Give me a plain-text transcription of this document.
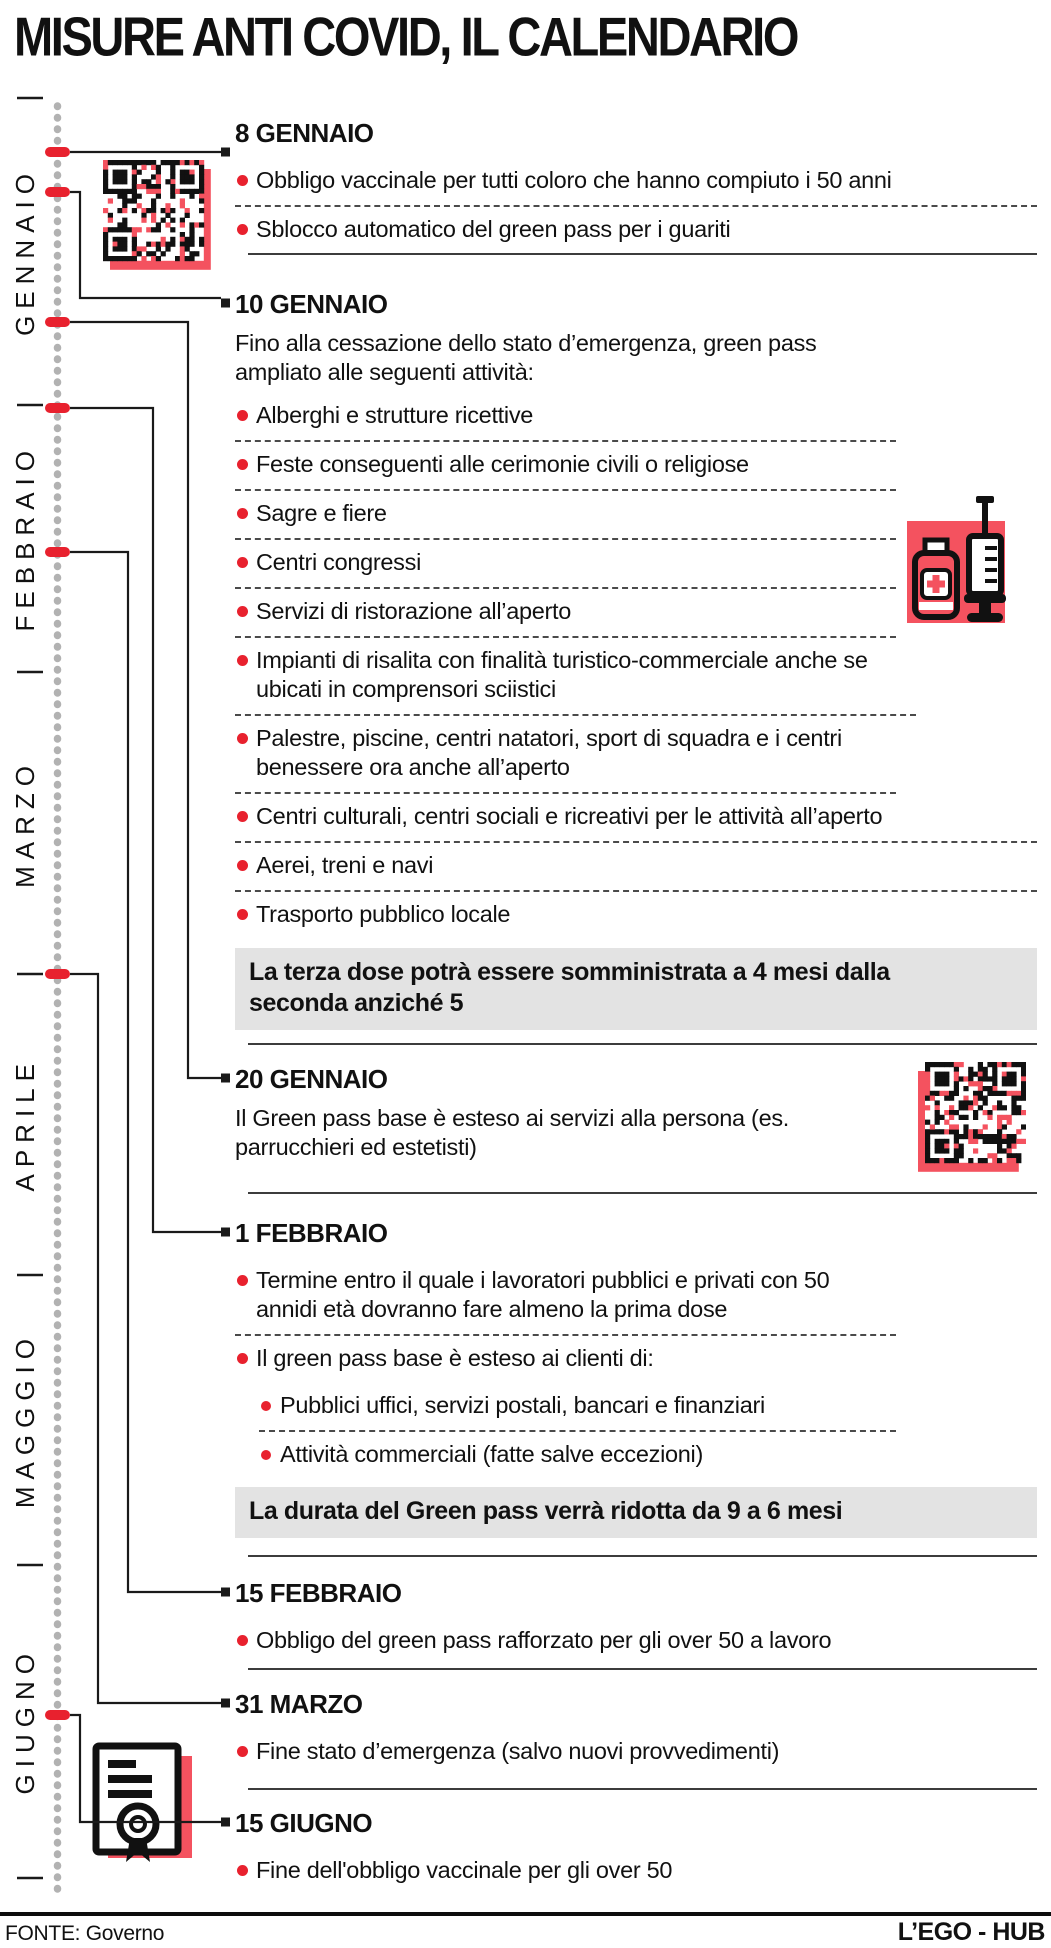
MISURE ANTI COVID, IL CALENDARIO
GENNAIO
FEBBRAIO
MARZO
APRILE
MAGGGIO
GIUGNO
8 GENNAIO
Obbligo vaccinale per tutti coloro che hanno compiuto i 50 anni
Sblocco automatico del green pass per i guariti
10 GENNAIO
Fino alla cessazione dello stato d’emergenza, green pass ampliato alle seguenti attività:
Alberghi e strutture ricettive
Feste conseguenti alle cerimonie civili o religiose
Sagre e fiere
Centri congressi
Servizi di ristorazione all’aperto
Impianti di risalita con finalità turistico-commerciale anche se ubicati in comprensori sciistici
Palestre, piscine, centri natatori, sport di squadra e i centri benessere ora anche all’aperto
Centri culturali, centri sociali e ricreativi per le attività all’aperto
Aerei, treni e navi
Trasporto pubblico locale
La terza dose potrà essere somministrata a 4 mesi dalla seconda anziché 5
20 GENNAIO
Il Green pass base è esteso ai servizi alla persona (es. parrucchieri ed estetisti)
1 FEBBRAIO
Termine entro il quale i lavoratori pubblici e privati con 50 annidi età dovranno fare almeno la prima dose
Il green pass base è esteso ai clienti di:
Pubblici uffici, servizi postali, bancari e finanziari
Attività commerciali (fatte salve eccezioni)
La durata del Green pass verrà ridotta da 9 a 6 mesi
15 FEBBRAIO
Obbligo del green pass rafforzato per gli over 50 a lavoro
31 MARZO
Fine stato d’emergenza (salvo nuovi provvedimenti)
15 GIUGNO
Fine dell'obbligo vaccinale per gli over 50
FONTE: Governo	L’EGO - HUB
